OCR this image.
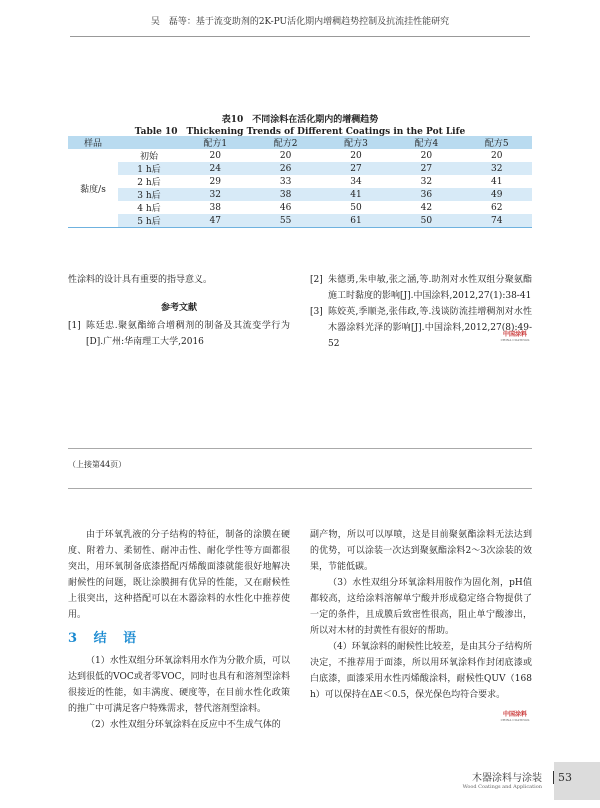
吴　磊等：基于流变助剂的2K-PU活化期内增稠趋势控制及抗流挂性能研究
表10　不同涂料在活化期内的增稠趋势
Table 10　Thickening Trends of Different Coatings in the Pot Life
样品		配方1	配方2	配方3	配方4	配方5
黏度/s	初始	20	20	20	20	20
	1 h后	24	26	27	27	32
	2 h后	29	33	34	32	41
	3 h后	32	38	41	36	49
	4 h后	38	46	50	42	62
	5 h后	47	55	61	50	74

性涂料的设计具有重要的指导意义。

参考文献
[1] 陈廷忠.聚氨酯缔合增稠剂的制备及其流变学行为[D].广州:华南理工大学,2016
[2] 朱德勇,朱申敏,张之涵,等.助剂对水性双组分聚氨酯施工时黏度的影响[J].中国涂料,2012,27(1):38-41
[3] 陈姣英,季顺尧,张伟政,等.浅谈防流挂增稠剂对水性木器涂料光泽的影响[J].中国涂料,2012,27(8):49-52
中国涂料
CHINA COATINGS
（上接第44页）

由于环氧乳液的分子结构的特征，制备的涂膜在硬度、附着力、柔韧性、耐冲击性、耐化学性等方面都很突出，用环氧制备底漆搭配丙烯酸面漆就能很好地解决耐候性的问题，既让涂膜拥有优异的性能，又在耐候性上很突出，这种搭配可以在木器涂料的水性化中推荐使用。

3 结 语

（1）水性双组分环氧涂料用水作为分散介质，可以达到很低的VOC或者零VOC，同时也具有和溶剂型涂料很接近的性能，如丰满度、硬度等，在目前水性化政策的推广中可满足客户特殊需求，替代溶剂型涂料。

（2）水性双组分环氧涂料在反应中不生成气体的

副产物，所以可以厚喷，这是目前聚氨酯涂料无法达到的优势，可以涂装一次达到聚氨酯涂料2～3次涂装的效果，节能低碳。

（3）水性双组分环氧涂料用胺作为固化剂，pH值都较高，这给涂料溶解单宁酸并形成稳定络合物提供了一定的条件，且成膜后致密性很高，阻止单宁酸渗出，所以对木材的封黄性有很好的帮助。

（4）环氧涂料的耐候性比较差，是由其分子结构所决定，不推荐用于面漆，所以用环氧涂料作封闭底漆或白底漆，面漆采用水性丙烯酸涂料，耐候性QUV（168 h）可以保持在ΔE＜0.5，保光保色均符合要求。

中国涂料
CHINA COATINGS
木器涂料与涂装
Wood Coatings and Application
53
